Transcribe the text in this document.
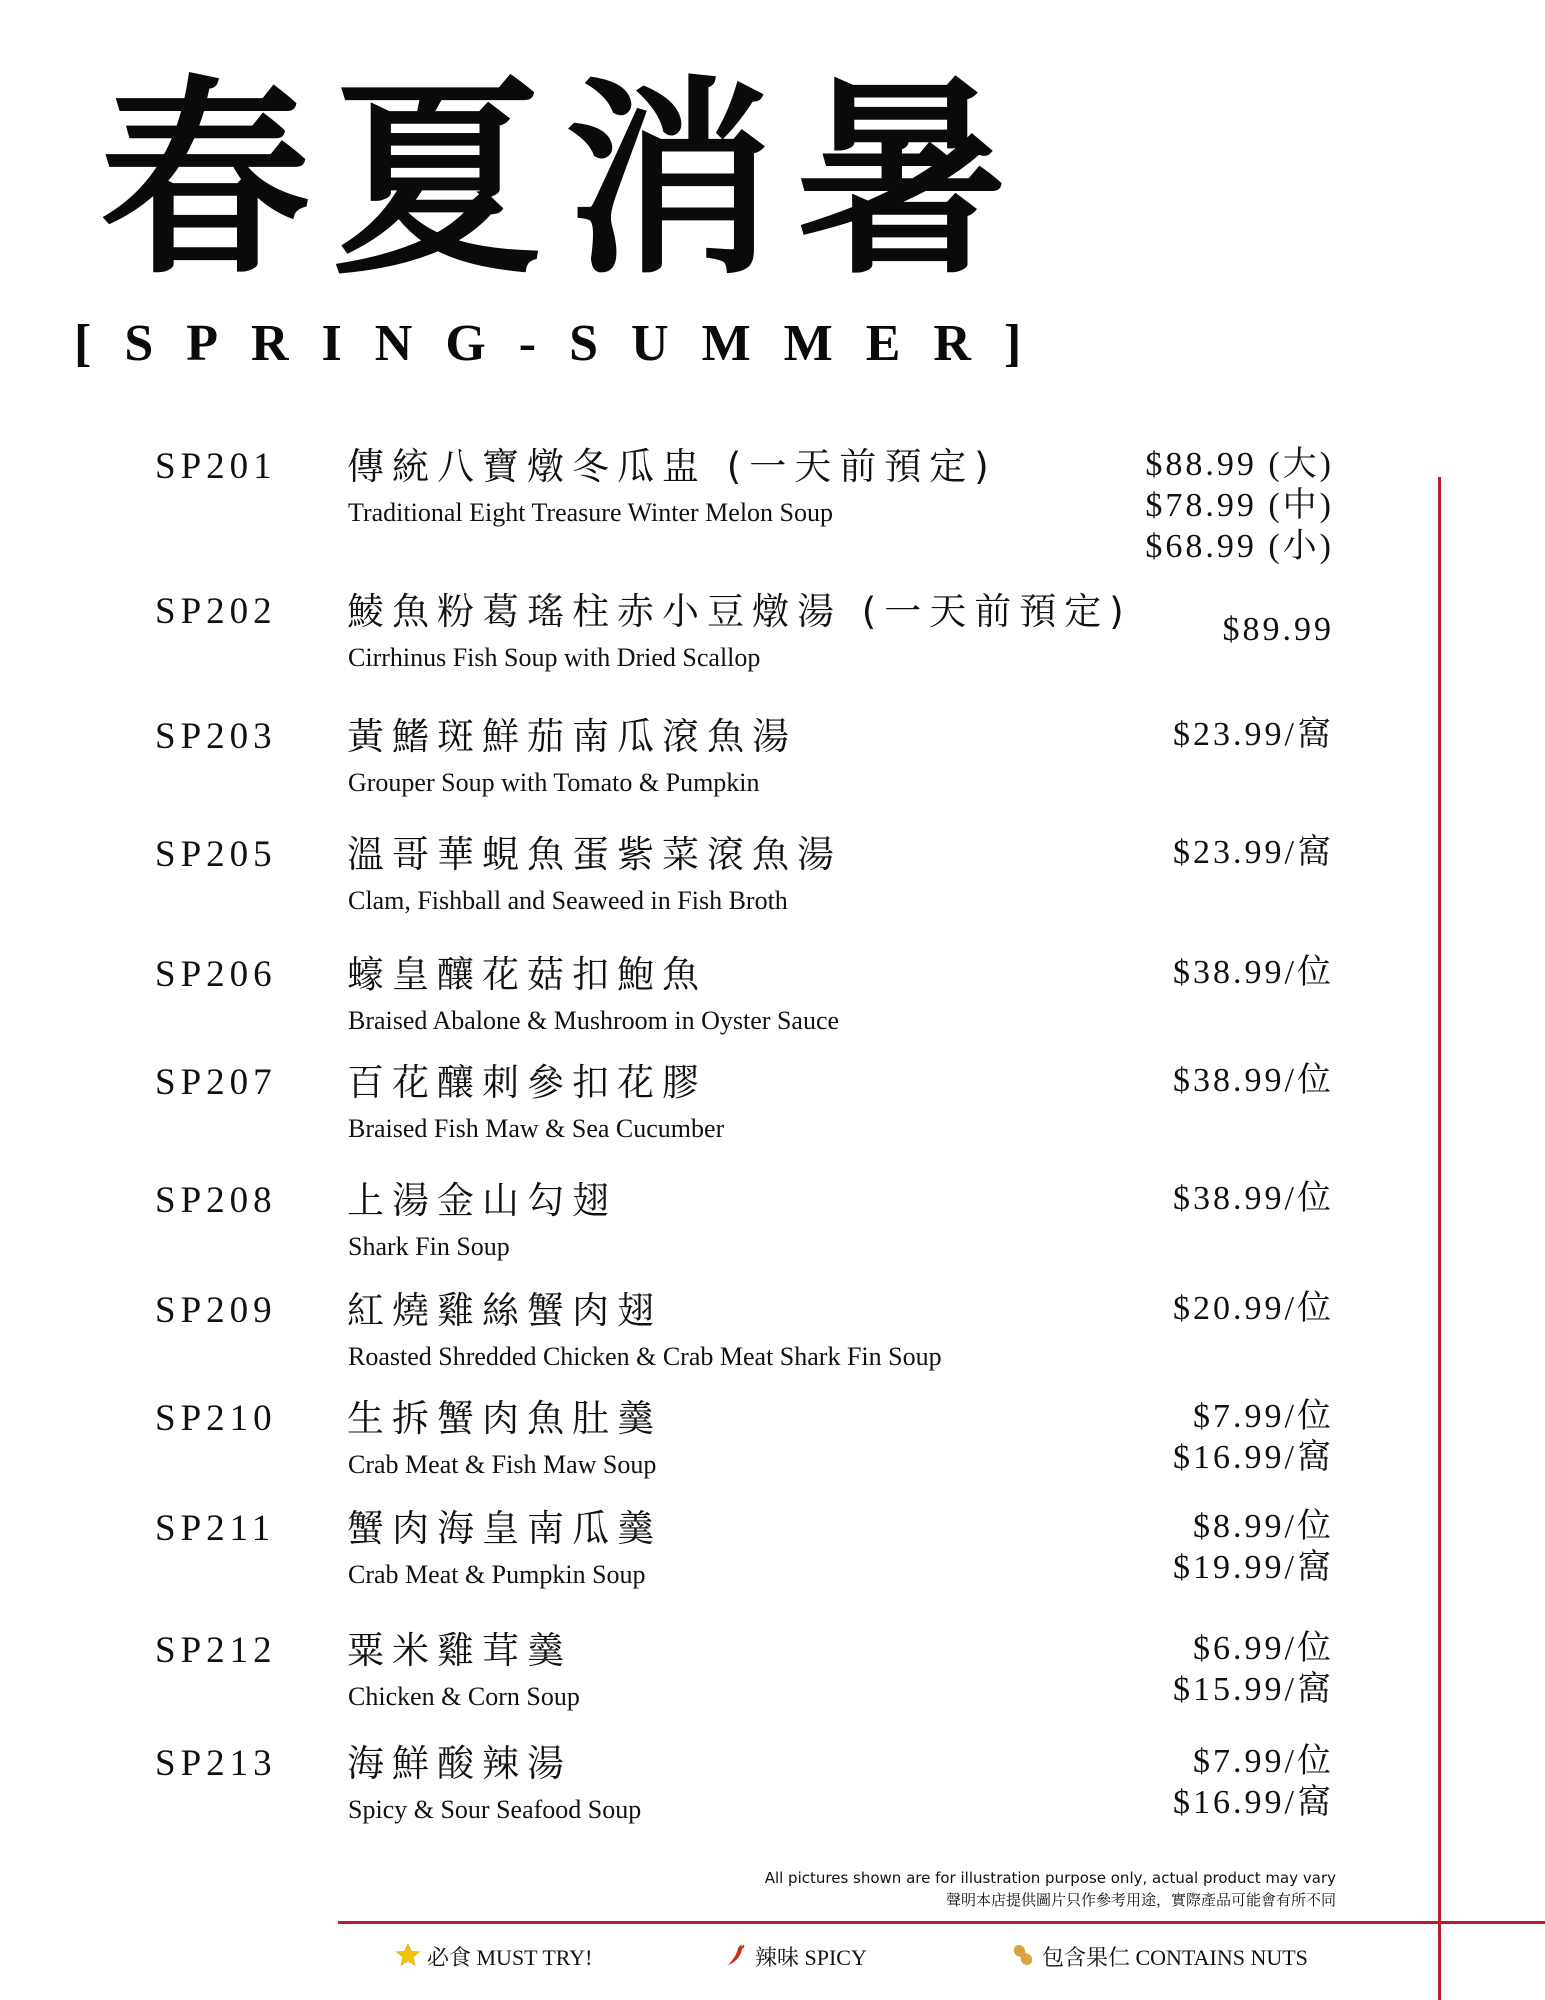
春夏消暑
[SPRING-SUMMER]
SP201 傳統八寶燉冬瓜盅 (一天前預定)
Traditional Eight Treasure Winter Melon Soup
$88.99 (大)
$78.99 (中)
$68.99 (小)
SP202 鯪魚粉葛瑤柱赤小豆燉湯 (一天前預定)
Cirrhinus Fish Soup with Dried Scallop
$89.99
SP203 黃鰭斑鮮茄南瓜滾魚湯
Grouper Soup with Tomato & Pumpkin
$23.99/窩
SP205 溫哥華蜆魚蛋紫菜滾魚湯
Clam, Fishball and Seaweed in Fish Broth
$23.99/窩
SP206 蠔皇釀花菇扣鮑魚
Braised Abalone & Mushroom in Oyster Sauce
$38.99/位
SP207 百花釀刺參扣花膠
Braised Fish Maw & Sea Cucumber
$38.99/位
SP208 上湯金山勾翅
Shark Fin Soup
$38.99/位
SP209 紅燒雞絲蟹肉翅
Roasted Shredded Chicken & Crab Meat Shark Fin Soup
$20.99/位
SP210 生拆蟹肉魚肚羹
Crab Meat & Fish Maw Soup
$7.99/位
$16.99/窩
SP211 蟹肉海皇南瓜羹
Crab Meat & Pumpkin Soup
$8.99/位
$19.99/窩
SP212 粟米雞茸羹
Chicken & Corn Soup
$6.99/位
$15.99/窩
SP213 海鮮酸辣湯
Spicy & Sour Seafood Soup
$7.99/位
$16.99/窩
All pictures shown are for illustration purpose only, actual product may vary
聲明本店提供圖片只作參考用途，實際產品可能會有所不同
必食 MUST TRY!	辣味 SPICY	包含果仁 CONTAINS NUTS
